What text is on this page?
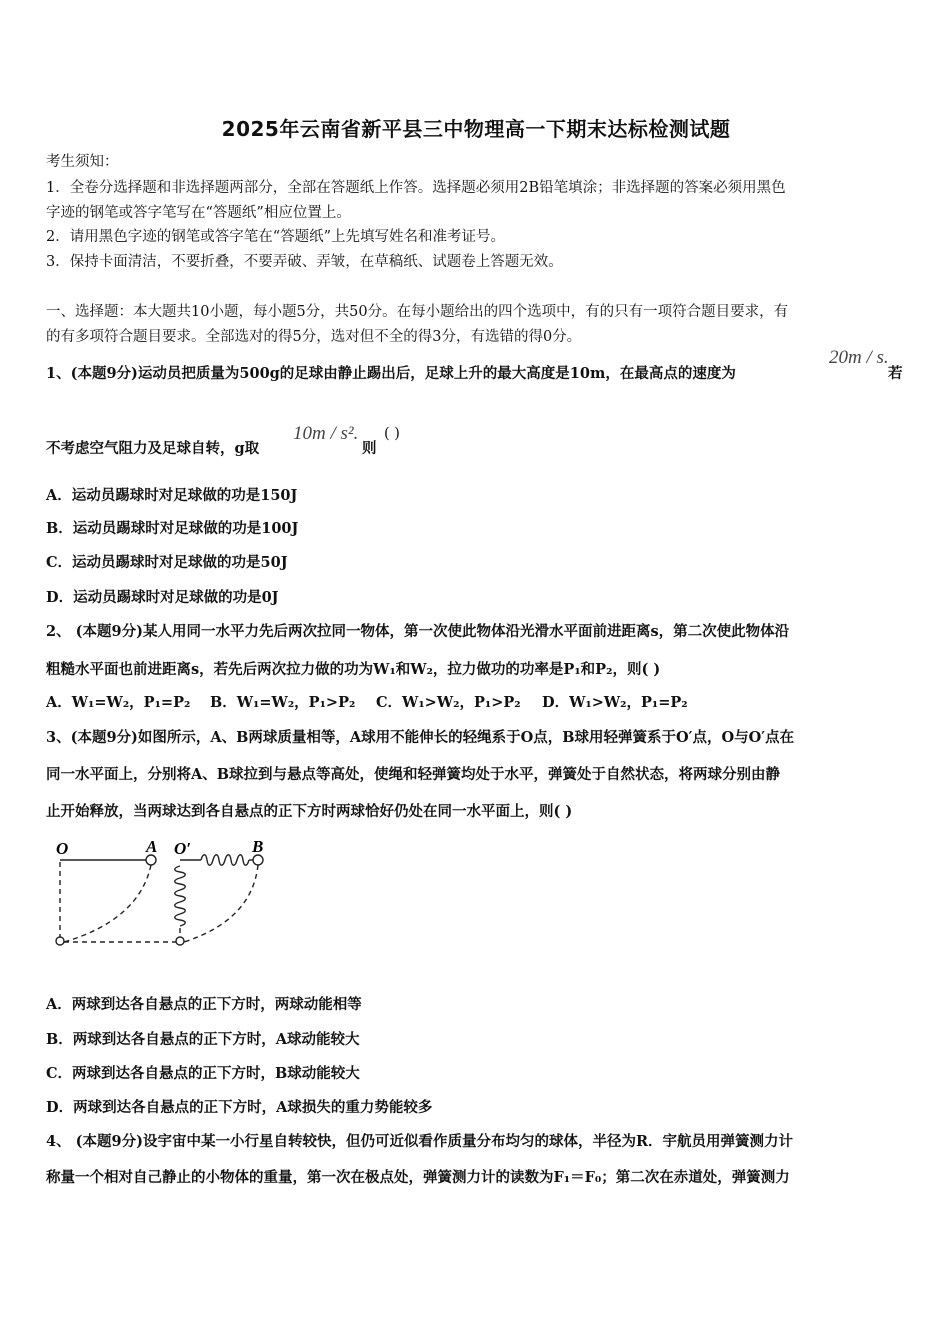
2025年云南省新平县三中物理高一下期末达标检测试题
考生须知：
1．全卷分选择题和非选择题两部分，全部在答题纸上作答。选择题必须用2B铅笔填涂；非选择题的答案必须用黑色
字迹的钢笔或答字笔写在“答题纸”相应位置上。
2．请用黑色字迹的钢笔或答字笔在“答题纸”上先填写姓名和准考证号。
3．保持卡面清洁，不要折叠，不要弄破、弄皱，在草稿纸、试题卷上答题无效。
一、选择题：本大题共10小题，每小题5分，共50分。在每小题给出的四个选项中，有的只有一项符合题目要求，有
的有多项符合题目要求。全部选对的得5分，选对但不全的得3分，有选错的得0分。
1、(本题9分)运动员把质量为500g的足球由静止踢出后，足球上升的最大高度是10m，在最高点的速度为
20m / s.
若
不考虑空气阻力及足球自转，g取
10m / s².
则
( )
A．运动员踢球时对足球做的功是150J
B．运动员踢球时对足球做的功是100J
C．运动员踢球时对足球做的功是50J
D．运动员踢球时对足球做的功是0J
2、 (本题9分)某人用同一水平力先后两次拉同一物体，第一次使此物体沿光滑水平面前进距离s，第二次使此物体沿
粗糙水平面也前进距离s，若先后两次拉力做的功为W₁和W₂，拉力做功的功率是P₁和P₂，则( )
A．W₁=W₂，P₁=P₂ B．W₁=W₂，P₁>P₂ C．W₁>W₂，P₁>P₂ D．W₁>W₂，P₁=P₂
3、(本题9分)如图所示，A、B两球质量相等，A球用不能伸长的轻绳系于O点，B球用轻弹簧系于O′点，O与O′点在
同一水平面上，分别将A、B球拉到与悬点等高处，使绳和轻弹簧均处于水平，弹簧处于自然状态，将两球分别由静
止开始释放，当两球达到各自悬点的正下方时两球恰好仍处在同一水平面上，则( )
O	A O′	B
A．两球到达各自悬点的正下方时，两球动能相等
B．两球到达各自悬点的正下方时，A球动能较大
C．两球到达各自悬点的正下方时，B球动能较大
D．两球到达各自悬点的正下方时，A球损失的重力势能较多
4、 (本题9分)设宇宙中某一小行星自转较快，但仍可近似看作质量分布均匀的球体，半径为R．宇航员用弹簧测力计
称量一个相对自己静止的小物体的重量，第一次在极点处，弹簧测力计的读数为F₁＝F₀；第二次在赤道处，弹簧测力
